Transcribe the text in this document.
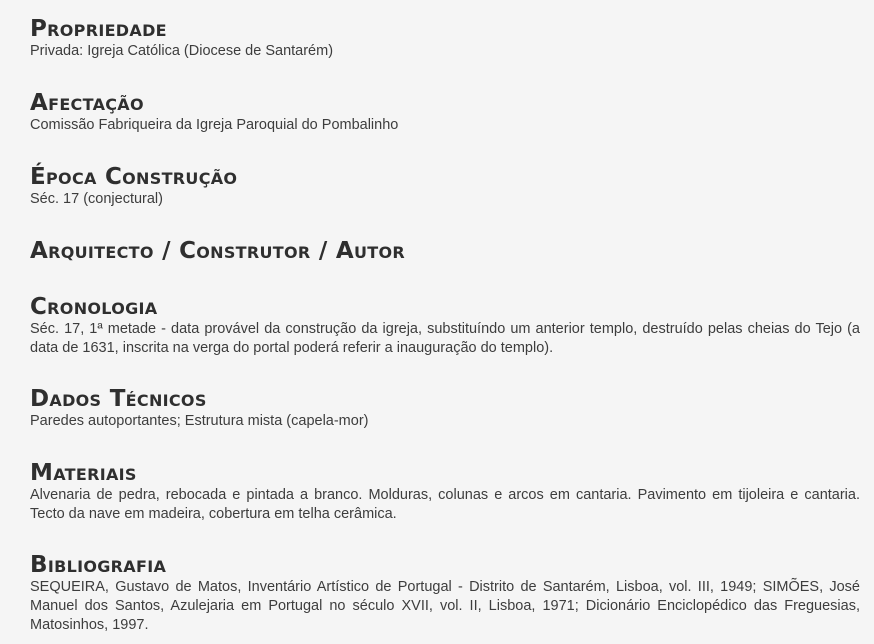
Propriedade

Privada: Igreja Católica (Diocese de Santarém)

Afectação

Comissão Fabriqueira da Igreja Paroquial do Pombalinho

Época Construção

Séc. 17 (conjectural)

Arquitecto / Construtor / Autor

Cronologia

Séc. 17, 1ª metade - data provável da construção da igreja, substituíndo um anterior templo, destruído pelas cheias do Tejo (a data de 1631, inscrita na verga do portal poderá referir a inauguração do templo).

Dados Técnicos

Paredes autoportantes; Estrutura mista (capela-mor)

Materiais

Alvenaria de pedra, rebocada e pintada a branco. Molduras, colunas e arcos em cantaria. Pavimento em tijoleira e cantaria. Tecto da nave em madeira, cobertura em telha cerâmica.

Bibliografia

SEQUEIRA, Gustavo de Matos, Inventário Artístico de Portugal - Distrito de Santarém, Lisboa, vol. III, 1949; SIMÕES, José Manuel dos Santos, Azulejaria em Portugal no século XVII, vol. II, Lisboa, 1971; Dicionário Enciclopédico das Freguesias, Matosinhos, 1997.
